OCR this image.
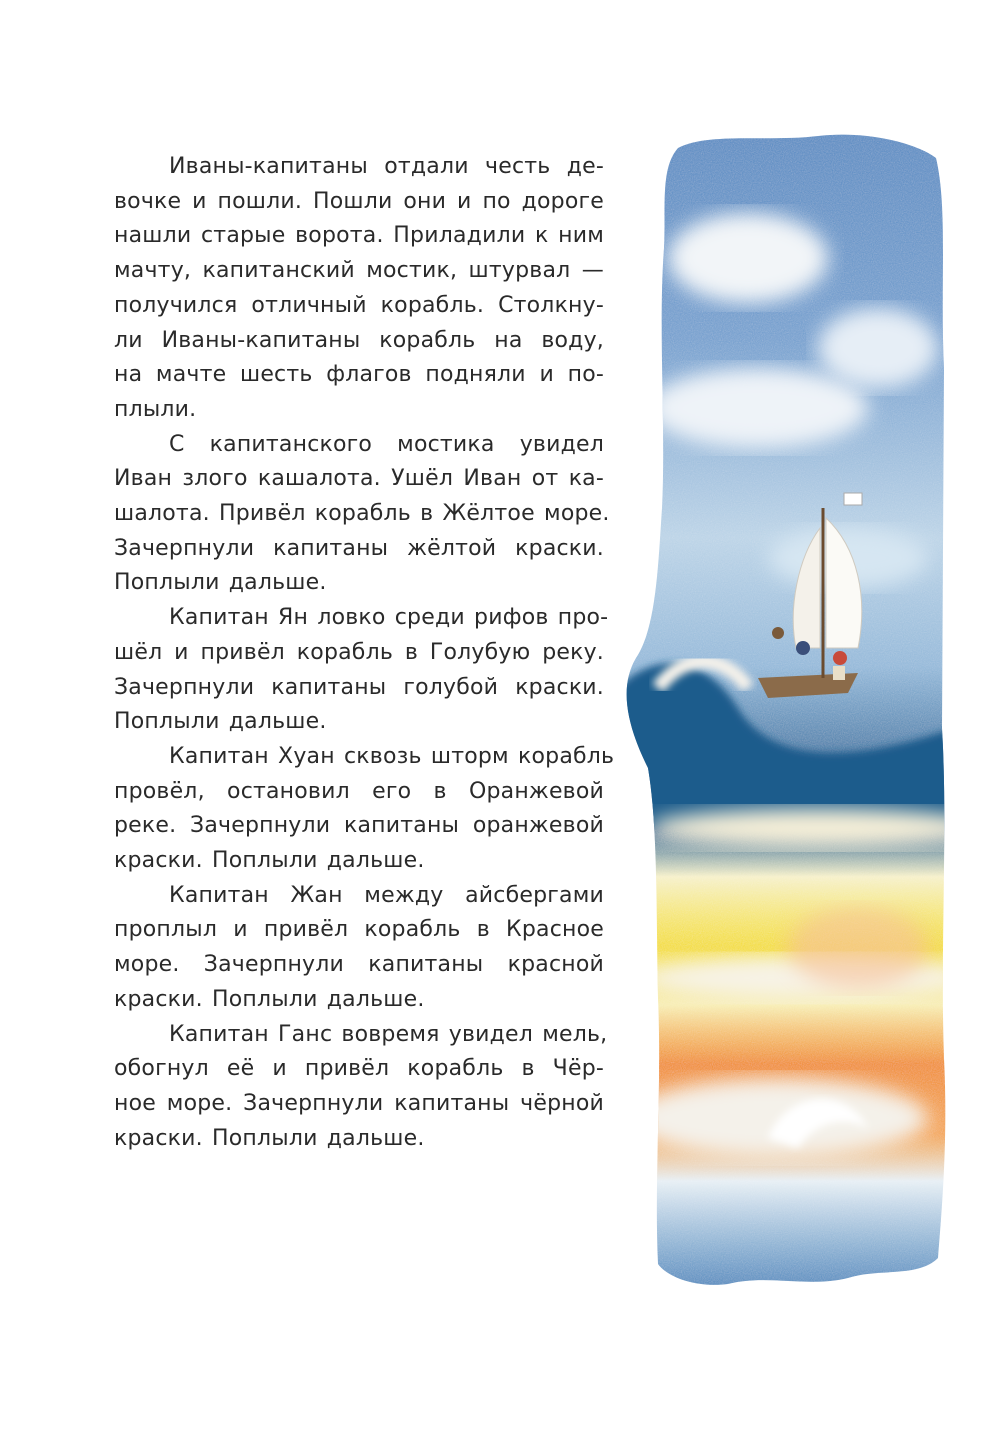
Иваны-капитаны отдали честь де-
вочке и пошли. Пошли они и по дороге
нашли старые ворота. Приладили к ним
мачту, капитанский мостик, штурвал —
получился отличный корабль. Столкну-
ли Иваны-капитаны корабль на воду,
на мачте шесть флагов подняли и по-
плыли.
С капитанского мостика увидел
Иван злого кашалота. Ушёл Иван от ка-
шалота. Привёл корабль в Жёлтое море.
Зачерпнули капитаны жёлтой краски.
Поплыли дальше.
Капитан Ян ловко среди рифов про-
шёл и привёл корабль в Голубую реку.
Зачерпнули капитаны голубой краски.
Поплыли дальше.
Капитан Хуан сквозь шторм корабль
провёл, остановил его в Оранжевой
реке. Зачерпнули капитаны оранжевой
краски. Поплыли дальше.
Капитан Жан между айсбергами
проплыл и привёл корабль в Красное
море. Зачерпнули капитаны красной
краски. Поплыли дальше.
Капитан Ганс вовремя увидел мель,
обогнул её и привёл корабль в Чёр-
ное море. Зачерпнули капитаны чёрной
краски. Поплыли дальше.
